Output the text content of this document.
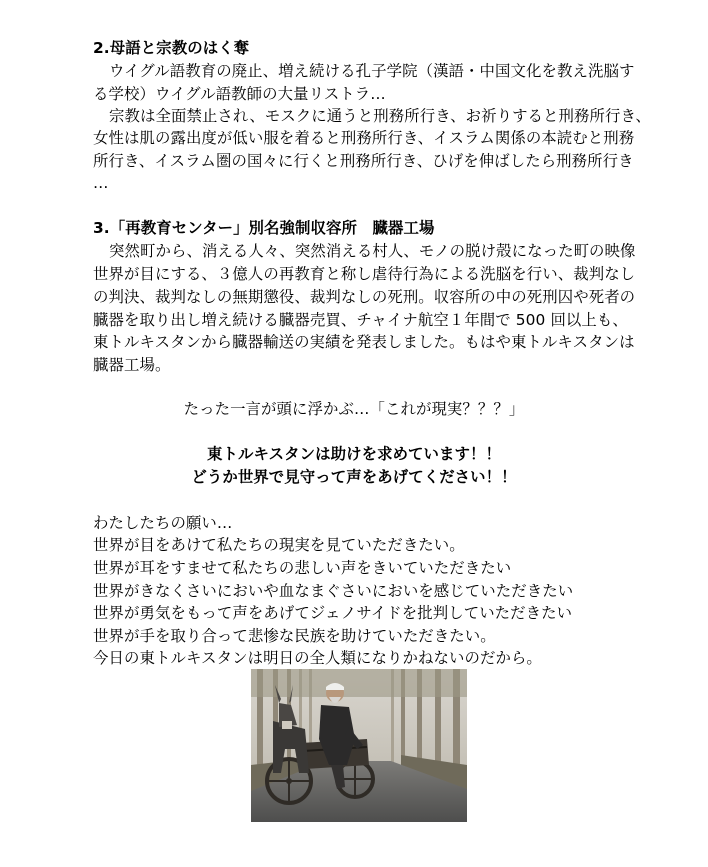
2.母語と宗教のはく奪
ウイグル語教育の廃止、増え続ける孔子学院（漢語・中国文化を教え洗脳す
る学校）ウイグル語教師の大量リストラ…
宗教は全面禁止され、モスクに通うと刑務所行き、お祈りすると刑務所行き、
女性は肌の露出度が低い服を着ると刑務所行き、イスラム関係の本読むと刑務
所行き、イスラム圏の国々に行くと刑務所行き、ひげを伸ばしたら刑務所行き
…
3.「再教育センター」別名強制収容所　臓器工場
突然町から、消える人々、突然消える村人、モノの脱け殻になった町の映像
世界が目にする、３億人の再教育と称し虐待行為による洗脳を行い、裁判なし
の判決、裁判なしの無期懲役、裁判なしの死刑。収容所の中の死刑囚や死者の
臓器を取り出し増え続ける臓器売買、チャイナ航空１年間で 500 回以上も、
東トルキスタンから臓器輸送の実績を発表しました。もはや東トルキスタンは
臓器工場。
たった一言が頭に浮かぶ…「これが現実？？？」
東トルキスタンは助けを求めています！！
どうか世界で見守って声をあげてください！！
わたしたちの願い…
世界が目をあけて私たちの現実を見ていただきたい。
世界が耳をすませて私たちの悲しい声をきいていただきたい
世界がきなくさいにおいや血なまぐさいにおいを感じていただきたい
世界が勇気をもって声をあげてジェノサイドを批判していただきたい
世界が手を取り合って悲惨な民族を助けていただきたい。
今日の東トルキスタンは明日の全人類になりかねないのだから。
